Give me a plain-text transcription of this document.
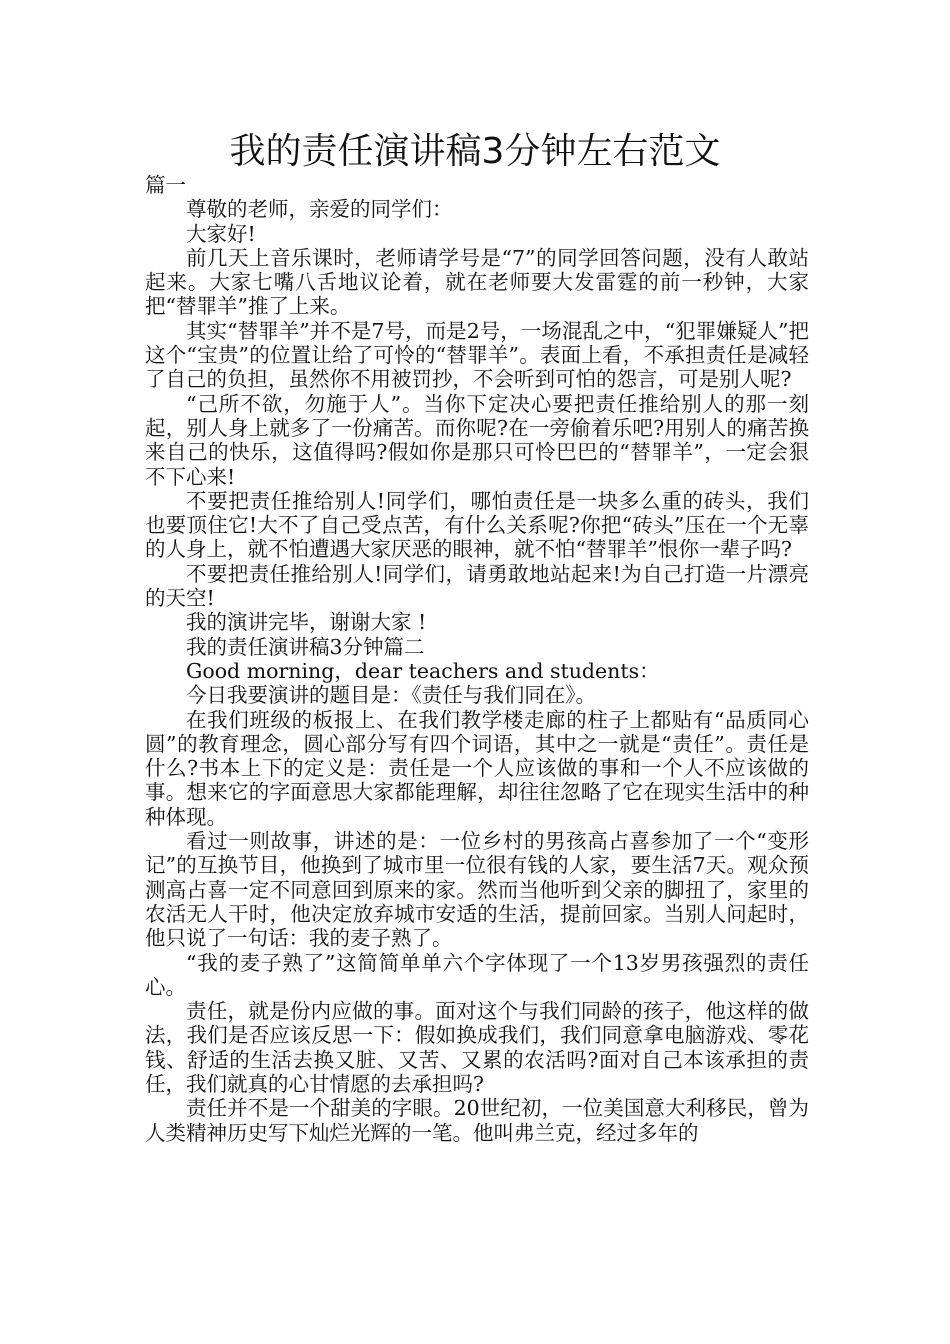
我的责任演讲稿3分钟左右范文

篇一

尊敬的老师，亲爱的同学们：

大家好!

前几天上音乐课时，老师请学号是“7”的同学回答问题，没有人敢站起来。大家七嘴八舌地议论着，就在老师要大发雷霆的前一秒钟，大家把“替罪羊”推了上来。

其实“替罪羊”并不是7号，而是2号，一场混乱之中，“犯罪嫌疑人”把这个“宝贵”的位置让给了可怜的“替罪羊”。表面上看，不承担责任是减轻了自己的负担，虽然你不用被罚抄，不会听到可怕的怨言，可是别人呢?

“己所不欲，勿施于人”。当你下定决心要把责任推给别人的那一刻起，别人身上就多了一份痛苦。而你呢?在一旁偷着乐吧?用别人的痛苦换来自己的快乐，这值得吗?假如你是那只可怜巴巴的“替罪羊”，一定会狠不下心来!

不要把责任推给别人!同学们，哪怕责任是一块多么重的砖头，我们也要顶住它!大不了自己受点苦，有什么关系呢?你把“砖头”压在一个无辜的人身上，就不怕遭遇大家厌恶的眼神，就不怕“替罪羊”恨你一辈子吗?

不要把责任推给别人!同学们，请勇敢地站起来!为自己打造一片漂亮的天空!

我的演讲完毕，谢谢大家 !

我的责任演讲稿3分钟篇二

Good morning，dear teachers and students：

今日我要演讲的题目是：《责任与我们同在》。

在我们班级的板报上、在我们教学楼走廊的柱子上都贴有“品质同心圆”的教育理念，圆心部分写有四个词语，其中之一就是“责任”。责任是什么?书本上下的定义是：责任是一个人应该做的事和一个人不应该做的事。想来它的字面意思大家都能理解，却往往忽略了它在现实生活中的种种体现。

看过一则故事，讲述的是：一位乡村的男孩高占喜参加了一个“变形记”的互换节目，他换到了城市里一位很有钱的人家，要生活7天。观众预测高占喜一定不同意回到原来的家。然而当他听到父亲的脚扭了，家里的农活无人干时，他决定放弃城市安适的生活，提前回家。当别人问起时，他只说了一句话：我的麦子熟了。

“我的麦子熟了”这简简单单六个字体现了一个13岁男孩强烈的责任心。

责任，就是份内应做的事。面对这个与我们同龄的孩子，他这样的做法，我们是否应该反思一下：假如换成我们，我们同意拿电脑游戏、零花钱、舒适的生活去换又脏、又苦、又累的农活吗?面对自己本该承担的责任，我们就真的心甘情愿的去承担吗?

责任并不是一个甜美的字眼。20世纪初，一位美国意大利移民，曾为人类精神历史写下灿烂光辉的一笔。他叫弗兰克，经过多年的
